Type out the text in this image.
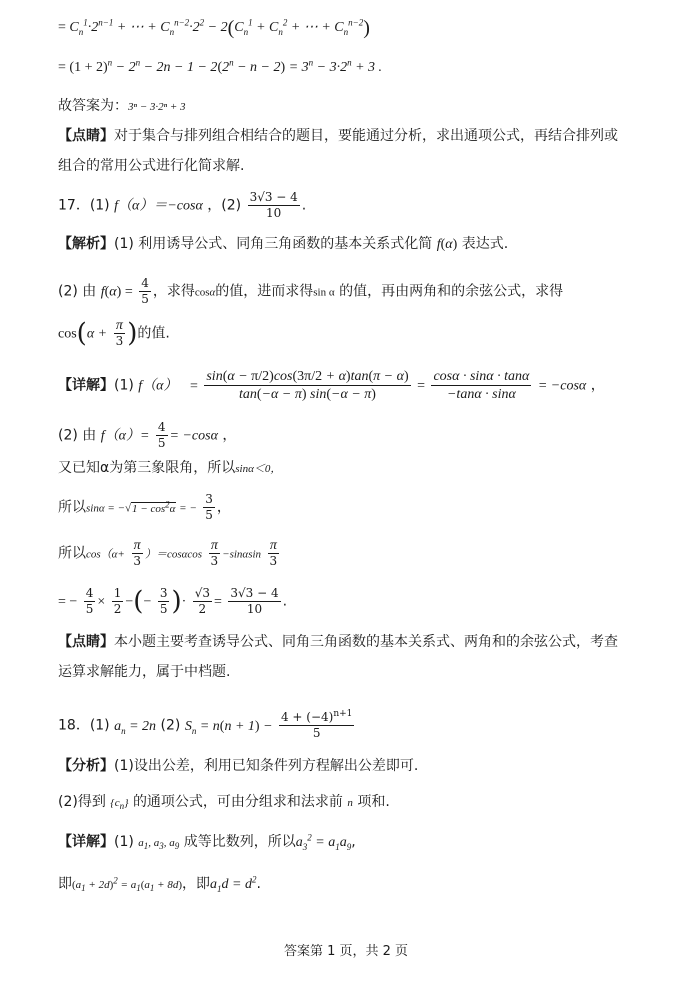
= $C_n^1\cdot 2^{n-1}$ + ⋯ + $C_n^{n-2}\cdot 2^2 - 2(C_n^1 + C_n^2$ + ⋯ + $C_n^{n-2}$)
= $(1 + 2)^n - 2^n - 2n - 1 - 2(2^n - n - 2) = 3^n - 3\cdot 2^n + 3$ .
故答案为：3ⁿ − 3·2ⁿ + 3
【点睛】对于集合与排列组合相结合的题目，要能通过分析，求出通项公式，再结合排列或
组合的常用公式进行化简求解.
17．(1) f（α）＝−cosα ，$(2) \frac{3√3 - 4}{10}$ .
【解析】(1) 利用诱导公式、同角三角函数的基本关系式化简 f(α) 表达式.
(2) 由 $f(\alpha) = \frac{4}{5}$ ，求得cosα的值，进而求得sin α 的值，再由两角和的余弦公式，求得
$\cos(\alpha + \frac{\pi}{3}$ )的值.
【详解】(1) $f(\alpha) = \frac{\sin(\alpha - \pi/2)\cos(3\pi/2 + \alpha)\tan(\pi - \alpha)}{\tan(-\alpha - \pi) \sin(-\alpha - \pi)} = \frac{\cos\alpha \cdot \sin\alpha \cdot \tan\alpha}{-\tan\alpha \cdot \sin\alpha} = -\cos\alpha$ ，
(2) 由 $f(\alpha)= \frac{4}{5} = -\cos\alpha$ ，
又已知α为第三象限角，所以sinα＜0，
所以$\sin\alpha = -√1 - \cos^2\alpha$ = − $\frac{3}{5}$ ，
所以$\cos(\alpha+ \frac{\pi}{3} )=\cos\alpha\cos \frac{\pi}{3} -\sin\alpha\sin \frac{\pi}{3}$
= − $\frac{4}{5} \times \frac{1}{2}$ −(− $\frac{3}{5}$ )· $\frac{√3}{2} = \frac{3√3 - 4}{10}$ .
【点睛】本小题主要考查诱导公式、同角三角函数的基本关系式、两角和的余弦公式，考查
运算求解能力，属于中档题.
18．(1) $a_n = 2n$ (2) $S_n = n(n + 1) - \frac{4 + (-4)^{n+1}}{5}$
【分析】(1)设出公差，利用已知条件列方程解出公差即可.
(2)得到 $\{c_n\}$ 的通项公式，可由分组求和法求前 n 项和.
【详解】(1) $a_1$, $a_3$, $a_9$ 成等比数列，所以$a_3^2 = a_1a_9$,
即$(a_1 + 2d)^2 = a_1(a_1 + 8d)$，即$a_1d = d^2$.
答案第 1 页，共 2 页
